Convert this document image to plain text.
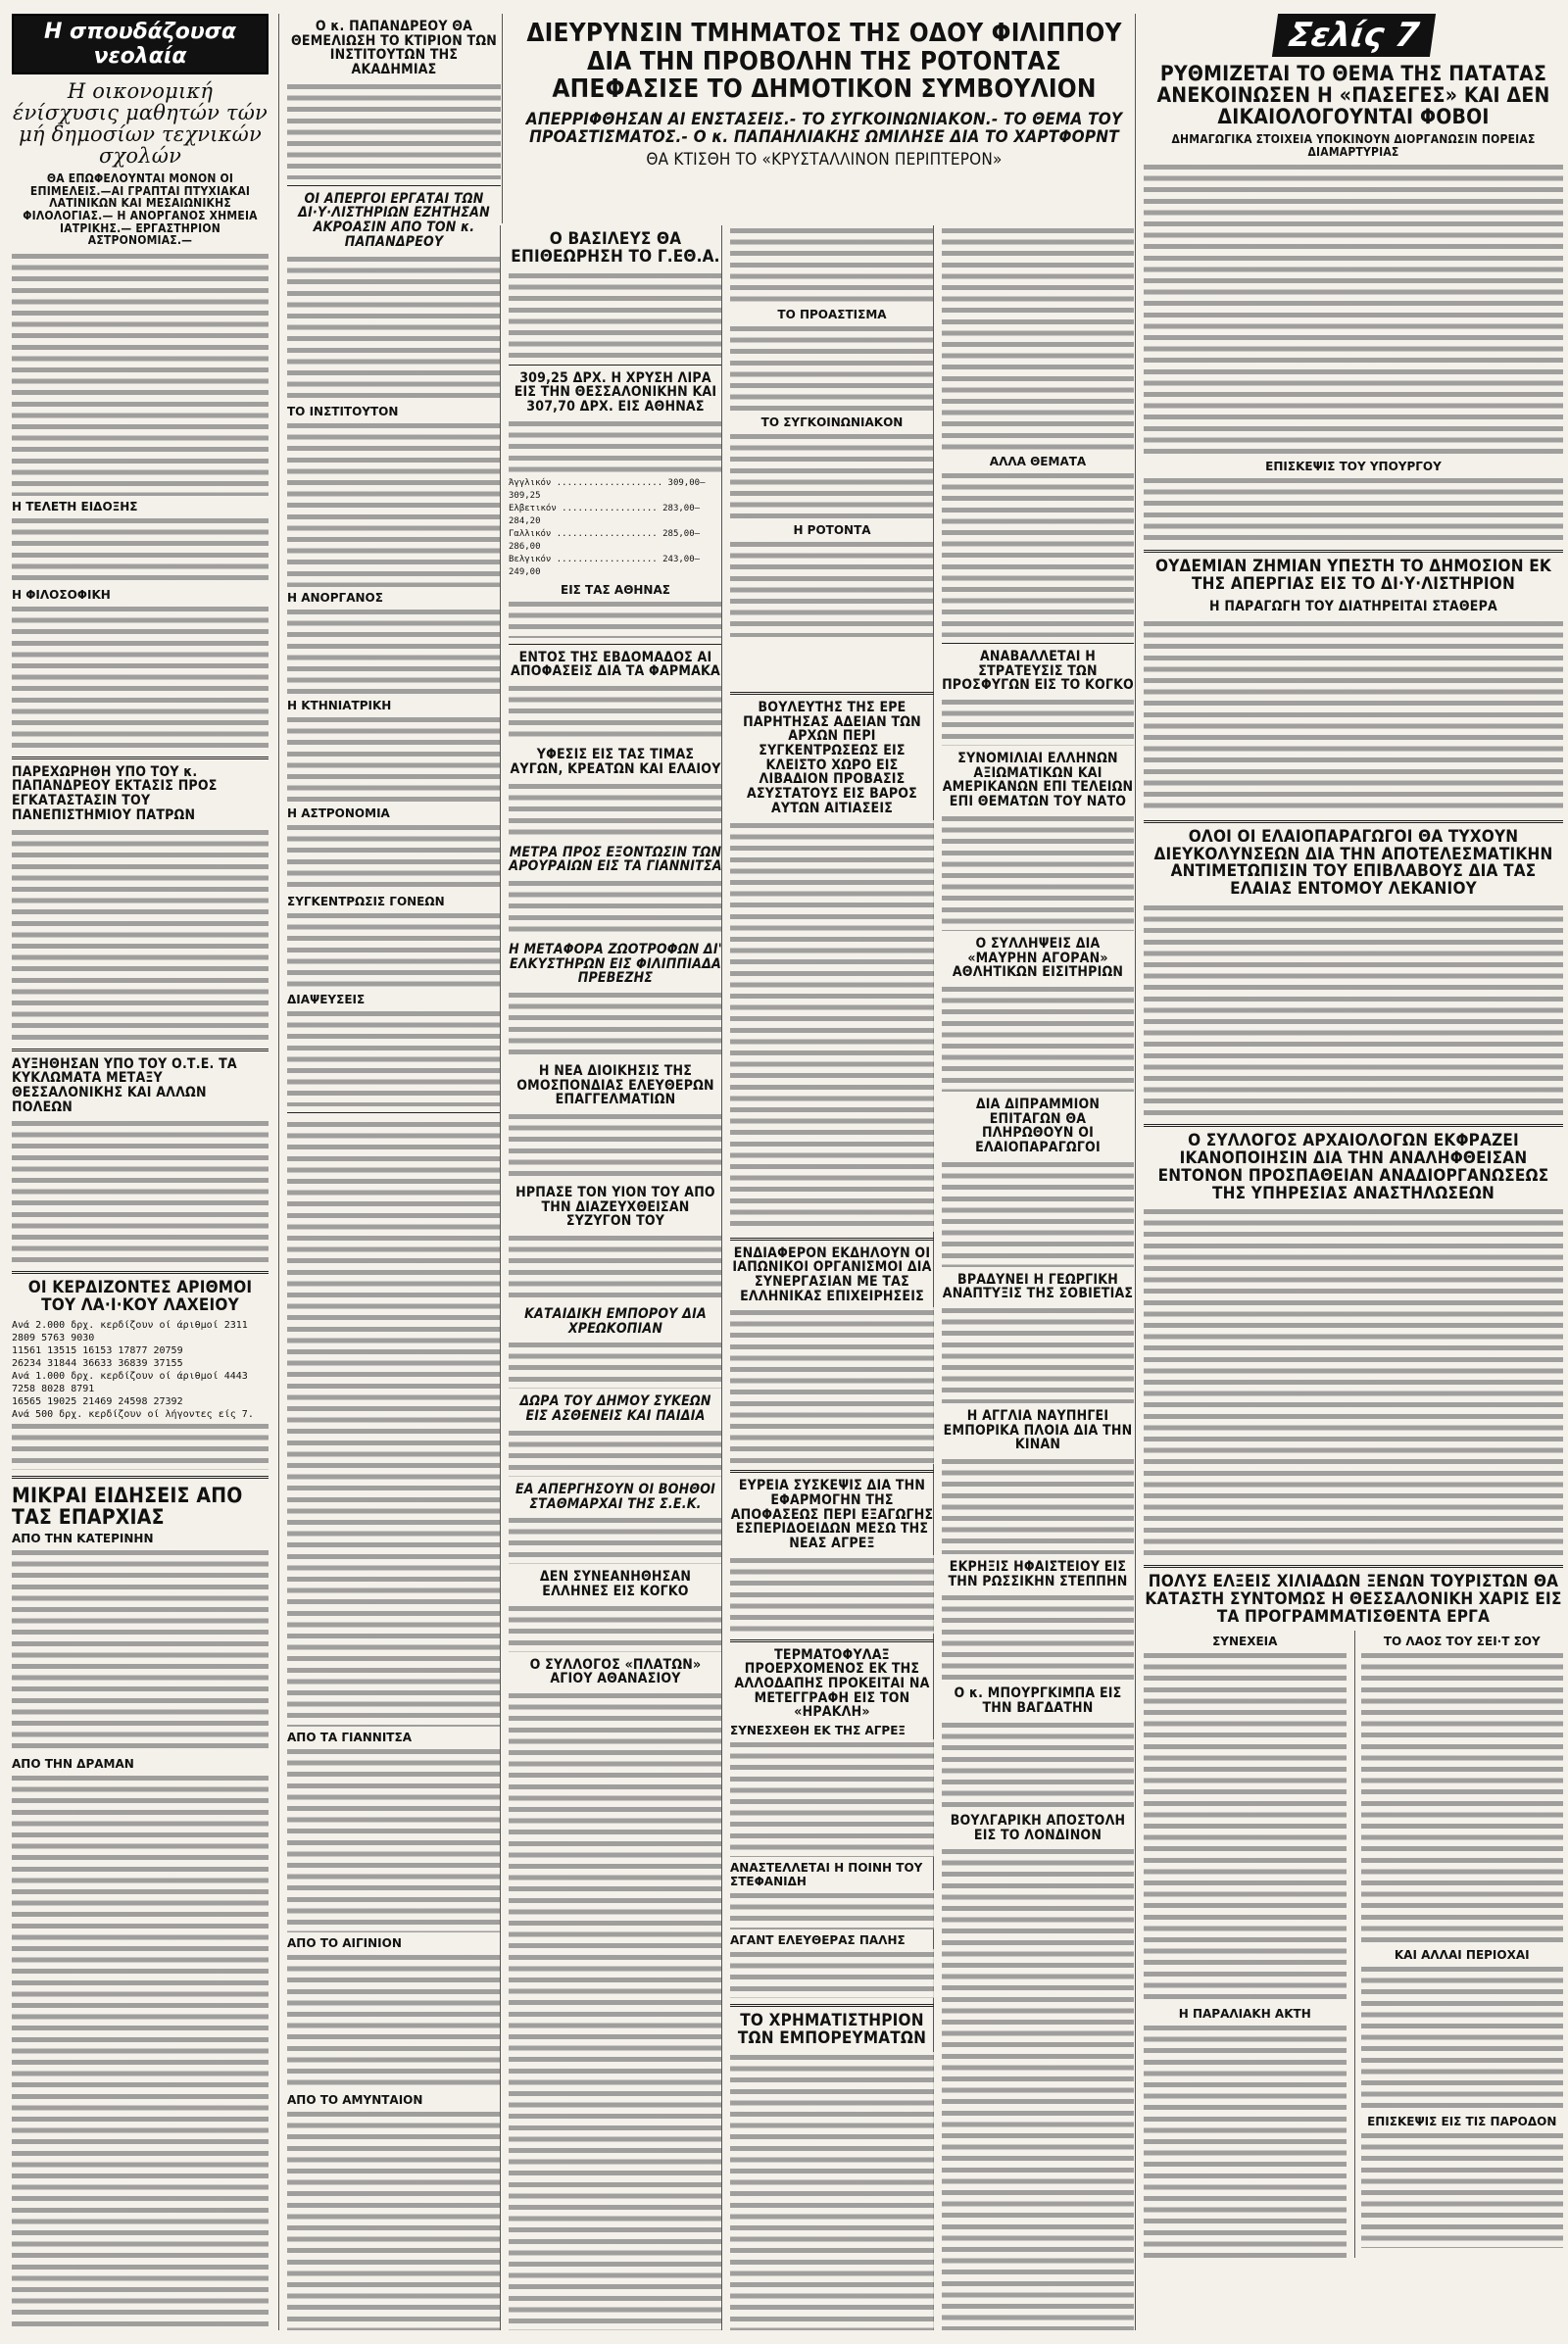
Η σπουδάζουσα νεολαία
Η οικονομική ένίσχυσις μαθητών τών μή δημοσίων τεχνικών σχολών
ΘΑ ΕΠΩΦΕΛΟΥΝΤΑΙ ΜΟΝΟΝ ΟΙ ΕΠΙΜΕΛΕΙΣ.—ΑΙ ΓΡΑΠΤΑΙ ΠΤΥΧΙΑΚΑΙ ΛΑΤΙΝΙΚΩΝ ΚΑΙ ΜΕΣΑΙΩΝΙΚΗΣ ΦΙΛΟΛΟΓΙΑΣ.— Η ΑΝΟΡΓΑΝΟΣ ΧΗΜΕΙΑ ΙΑΤΡΙΚΗΣ.— ΕΡΓΑΣΤΗΡΙΟΝ ΑΣΤΡΟΝΟΜΙΑΣ.—
Η ΤΕΛΕΤΗ ΕΙΔΟΞΗΣ
Η ΦΙΛΟΣΟΦΙΚΗ
ΠΑΡΕΧΩΡΗΘΗ ΥΠΟ ΤΟΥ κ. ΠΑΠΑΝΔΡΕΟΥ ΕΚΤΑΣΙΣ ΠΡΟΣ ΕΓΚΑΤΑΣΤΑΣΙΝ ΤΟΥ ΠΑΝΕΠΙΣΤΗΜΙΟΥ ΠΑΤΡΩΝ
ΑΥΞΗΘΗΣΑΝ ΥΠΟ ΤΟΥ Ο.Τ.Ε. ΤΑ ΚΥΚΛΩΜΑΤΑ ΜΕΤΑΞΥ ΘΕΣΣΑΛΟΝΙΚΗΣ ΚΑΙ ΑΛΛΩΝ ΠΟΛΕΩΝ
ΟΙ ΚΕΡΔΙΖΟΝΤΕΣ ΑΡΙΘΜΟΙ ΤΟΥ ΛΑ·Ι·ΚΟΥ ΛΑΧΕΙΟΥ
Ανά 2.000 δρχ. κερδίζουν οί άριθμοί 2311 2809 5763 9030
11561 13515 16153 17877 20759
26234 31844 36633 36839 37155
Ανά 1.000 δρχ. κερδίζουν οί άριθμοί 4443 7258 8028 8791
16565 19025 21469 24598 27392
Ανά 500 δρχ. κερδίζουν οί λήγοντες είς 7.
ΜΙΚΡΑΙ ΕΙΔΗΣΕΙΣ ΑΠΟ ΤΑΣ ΕΠΑΡΧΙΑΣ
ΑΠΟ ΤΗΝ ΚΑΤΕΡΙΝΗΝ
ΑΠΟ ΤΗΝ ΔΡΑΜΑΝ
Ο κ. ΠΑΠΑΝΔΡΕΟΥ ΘΑ ΘΕΜΕΛΙΩΣΗ ΤΟ ΚΤΙΡΙΟΝ ΤΩΝ ΙΝΣΤΙΤΟΥΤΩΝ ΤΗΣ ΑΚΑΔΗΜΙΑΣ
ΟΙ ΑΠΕΡΓΟΙ ΕΡΓΑΤΑΙ ΤΩΝ ΔΙ·Υ·ΛΙΣΤΗΡΙΩΝ ΕΖΗΤΗΣΑΝ ΑΚΡΟΑΣΙΝ ΑΠΟ ΤΟΝ κ. ΠΑΠΑΝΔΡΕΟΥ
ΤΟ ΙΝΣΤΙΤΟΥΤΟΝ
Η ΑΝΟΡΓΑΝΟΣ
Η ΚΤΗΝΙΑΤΡΙΚΗ
Η ΑΣΤΡΟΝΟΜΙΑ
ΣΥΓΚΕΝΤΡΩΣΙΣ ΓΟΝΕΩΝ
ΔΙΑΨΕΥΣΕΙΣ
ΑΠΟ ΤΑ ΓΙΑΝΝΙΤΣΑ
ΑΠΟ ΤΟ ΑΙΓΙΝΙΟΝ
ΑΠΟ ΤΟ ΑΜΥΝΤΑΙΟΝ
Ο ΒΑΣΙΛΕΥΣ ΘΑ ΕΠΙΘΕΩΡΗΣΗ ΤΟ Γ.ΕΘ.Α.
309,25 ΔΡΧ. Η ΧΡΥΣΗ ΛΙΡΑ ΕΙΣ ΤΗΝ ΘΕΣΣΑΛΟΝΙΚΗΝ ΚΑΙ 307,70 ΔΡΧ. ΕΙΣ ΑΘΗΝΑΣ
Άγγλικόν .................... 309,00—309,25
Ελβετικόν .................. 283,00—284,20
Γαλλικόν ................... 285,00—286,00
Βελγικόν ................... 243,00—249,00
ΕΙΣ ΤΑΣ ΑΘΗΝΑΣ
ΕΝΤΟΣ ΤΗΣ ΕΒΔΟΜΑΔΟΣ ΑΙ ΑΠΟΦΑΣΕΙΣ ΔΙΑ ΤΑ ΦΑΡΜΑΚΑ
ΥΦΕΣΙΣ ΕΙΣ ΤΑΣ ΤΙΜΑΣ ΑΥΓΩΝ, ΚΡΕΑΤΩΝ ΚΑΙ ΕΛΑΙΟΥ
ΜΕΤΡΑ ΠΡΟΣ ΕΞΟΝΤΩΣΙΝ ΤΩΝ ΑΡΟΥΡΑΙΩΝ ΕΙΣ ΤΑ ΓΙΑΝΝΙΤΣΑ
Η ΜΕΤΑΦΟΡΑ ΖΩΟΤΡΟΦΩΝ ΔΙ' ΕΛΚΥΣΤΗΡΩΝ ΕΙΣ ΦΙΛΙΠΠΙΑΔΑ ΠΡΕΒΕΖΗΣ
Η ΝΕΑ ΔΙΟΙΚΗΣΙΣ ΤΗΣ ΟΜΟΣΠΟΝΔΙΑΣ ΕΛΕΥΘΕΡΩΝ ΕΠΑΓΓΕΛΜΑΤΙΩΝ
ΗΡΠΑΣΕ ΤΟΝ ΥΙΟΝ ΤΟΥ ΑΠΟ ΤΗΝ ΔΙΑΖΕΥΧΘΕΙΣΑΝ ΣΥΖΥΓΟΝ ΤΟΥ
ΚΑΤΑΙΔΙΚΗ ΕΜΠΟΡΟΥ ΔΙΑ ΧΡΕΩΚΟΠΙΑΝ
ΔΩΡΑ ΤΟΥ ΔΗΜΟΥ ΣΥΚΕΩΝ ΕΙΣ ΑΣΘΕΝΕΙΣ ΚΑΙ ΠΑΙΔΙΑ
ΕΑ ΑΠΕΡΓΗΣΟΥΝ ΟΙ ΒΟΗΘΟΙ ΣΤΑΘΜΑΡΧΑΙ ΤΗΣ Σ.Ε.Κ.
ΔΕΝ ΣΥΝΕΑΝΗΘΗΣΑΝ ΕΛΛΗΝΕΣ ΕΙΣ ΚΟΓΚΟ
Ο ΣΥΛΛΟΓΟΣ «ΠΛΑΤΩΝ» ΑΓΙΟΥ ΑΘΑΝΑΣΙΟΥ
ΔΙΕΥΡΥΝΣΙΝ ΤΜΗΜΑΤΟΣ ΤΗΣ ΟΔΟΥ ΦΙΛΙΠΠΟΥ ΔΙΑ ΤΗΝ ΠΡΟΒΟΛΗΝ ΤΗΣ ΡΟΤΟΝΤΑΣ ΑΠΕΦΑΣΙΣΕ ΤΟ ΔΗΜΟΤΙΚΟΝ ΣΥΜΒΟΥΛΙΟΝ
ΑΠΕΡΡΙΦΘΗΣΑΝ ΑΙ ΕΝΣΤΑΣΕΙΣ.- ΤΟ ΣΥΓΚΟΙΝΩΝΙΑΚΟΝ.- ΤΟ ΘΕΜΑ ΤΟΥ ΠΡΟΑΣΤΙΣΜΑΤΟΣ.- Ο κ. ΠΑΠΑΗΛΙΑΚΗΣ ΩΜΙΛΗΣΕ ΔΙΑ ΤΟ ΧΑΡΤΦΟΡΝΤ
ΘΑ ΚΤΙΣΘΗ ΤΟ «ΚΡΥΣΤΑΛΛΙΝΟΝ ΠΕΡΙΠΤΕΡΟΝ»
ΤΟ ΠΡΟΑΣΤΙΣΜΑ
ΤΟ ΣΥΓΚΟΙΝΩΝΙΑΚΟΝ
Η ΡΟΤΟΝΤΑ
ΑΛΛΑ ΘΕΜΑΤΑ
ΑΝΑΒΑΛΛΕΤΑΙ Η ΣΤΡΑΤΕΥΣΙΣ ΤΩΝ ΠΡΟΣΦΥΓΩΝ ΕΙΣ ΤΟ ΚΟΓΚΟ
ΣΥΝΟΜΙΛΙΑΙ ΕΛΛΗΝΩΝ ΑΞΙΩΜΑΤΙΚΩΝ ΚΑΙ ΑΜΕΡΙΚΑΝΩΝ ΕΠΙ ΤΕΛΕΙΩΝ ΕΠΙ ΘΕΜΑΤΩΝ ΤΟΥ ΝΑΤΟ
Ο ΣΥΛΛΗΨΕΙΣ ΔΙΑ «ΜΑΥΡΗΝ ΑΓΟΡΑΝ» ΑΘΛΗΤΙΚΩΝ ΕΙΣΙΤΗΡΙΩΝ
ΔΙΑ ΔΙΠΡΑΜΜΙΟΝ ΕΠΙΤΑΓΩΝ ΘΑ ΠΛΗΡΩΘΟΥΝ ΟΙ ΕΛΑΙΟΠΑΡΑΓΩΓΟΙ
ΒΡΑΔΥΝΕΙ Η ΓΕΩΡΓΙΚΗ ΑΝΑΠΤΥΞΙΣ ΤΗΣ ΣΟΒΙΕΤΙΑΣ
Η ΑΓΓΛΙΑ ΝΑΥΠΗΓΕΙ ΕΜΠΟΡΙΚΑ ΠΛΟΙΑ ΔΙΑ ΤΗΝ ΚΙΝΑΝ
ΕΚΡΗΞΙΣ ΗΦΑΙΣΤΕΙΟΥ ΕΙΣ ΤΗΝ ΡΩΣΣΙΚΗΝ ΣΤΕΠΠΗΝ
Ο κ. ΜΠΟΥΡΓΚΙΜΠΑ ΕΙΣ ΤΗΝ ΒΑΓΔΑΤΗΝ
ΒΟΥΛΓΑΡΙΚΗ ΑΠΟΣΤΟΛΗ ΕΙΣ ΤΟ ΛΟΝΔΙΝΟΝ
ΒΟΥΛΕΥΤΗΣ ΤΗΣ ΕΡΕ ΠΑΡΗΤΗΣΑΣ ΑΔΕΙΑΝ ΤΩΝ ΑΡΧΩΝ ΠΕΡΙ ΣΥΓΚΕΝΤΡΩΣΕΩΣ ΕΙΣ ΚΛΕΙΣΤΟ ΧΩΡΟ ΕΙΣ ΛΙΒΑΔΙΟΝ ΠΡΟΒΑΣΙΣ ΑΣΥΣΤΑΤΟΥΣ ΕΙΣ ΒΑΡΟΣ ΑΥΤΩΝ ΑΙΤΙΑΣΕΙΣ
ΕΝΔΙΑΦΕΡΟΝ ΕΚΔΗΛΟΥΝ ΟΙ ΙΑΠΩΝΙΚΟΙ ΟΡΓΑΝΙΣΜΟΙ ΔΙΑ ΣΥΝΕΡΓΑΣΙΑΝ ΜΕ ΤΑΣ ΕΛΛΗΝΙΚΑΣ ΕΠΙΧΕΙΡΗΣΕΙΣ
ΕΥΡΕΙΑ ΣΥΣΚΕΨΙΣ ΔΙΑ ΤΗΝ ΕΦΑΡΜΟΓΗΝ ΤΗΣ ΑΠΟΦΑΣΕΩΣ ΠΕΡΙ ΕΞΑΓΩΓΗΣ ΕΣΠΕΡΙΔΟΕΙΔΩΝ ΜΕΣΩ ΤΗΣ ΝΕΑΣ ΑΓΡΕΞ
ΤΕΡΜΑΤΟΦΥΛΑΞ ΠΡΟΕΡΧΟΜΕΝΟΣ ΕΚ ΤΗΣ ΑΛΛΟΔΑΠΗΣ ΠΡΟΚΕΙΤΑΙ ΝΑ ΜΕΤΕΓΓΡΑΦΗ ΕΙΣ ΤΟΝ «ΗΡΑΚΛΗ»
ΣΥΝΕΣΧΕΘΗ ΕΚ ΤΗΣ ΑΓΡΕΞ
ΑΝΑΣΤΕΛΛΕΤΑΙ Η ΠΟΙΝΗ ΤΟΥ ΣΤΕΦΑΝΙΔΗ
ΑΓΑΝΤ ΕΛΕΥΘΕΡΑΣ ΠΑΛΗΣ
ΤΟ ΧΡΗΜΑΤΙΣΤΗΡΙΟΝ ΤΩΝ ΕΜΠΟΡΕΥΜΑΤΩΝ
Σελίς 7
ΡΥΘΜΙΖΕΤΑΙ ΤΟ ΘΕΜΑ ΤΗΣ ΠΑΤΑΤΑΣ ΑΝΕΚΟΙΝΩΣΕΝ Η «ΠΑΣΕΓΕΣ» ΚΑΙ ΔΕΝ ΔΙΚΑΙΟΛΟΓΟΥΝΤΑΙ ΦΟΒΟΙ
ΔΗΜΑΓΩΓΙΚΑ ΣΤΟΙΧΕΙΑ ΥΠΟΚΙΝΟΥΝ ΔΙΟΡΓΑΝΩΣΙΝ ΠΟΡΕΙΑΣ ΔΙΑΜΑΡΤΥΡΙΑΣ
ΕΠΙΣΚΕΨΙΣ ΤΟΥ ΥΠΟΥΡΓΟΥ
ΟΥΔΕΜΙΑΝ ΖΗΜΙΑΝ ΥΠΕΣΤΗ ΤΟ ΔΗΜΟΣΙΟΝ ΕΚ ΤΗΣ ΑΠΕΡΓΙΑΣ ΕΙΣ ΤΟ ΔΙ·Υ·ΛΙΣΤΗΡΙΟΝ
Η ΠΑΡΑΓΩΓΗ ΤΟΥ ΔΙΑΤΗΡΕΙΤΑΙ ΣΤΑΘΕΡΑ
ΟΛΟΙ ΟΙ ΕΛΑΙΟΠΑΡΑΓΩΓΟΙ ΘΑ ΤΥΧΟΥΝ ΔΙΕΥΚΟΛΥΝΣΕΩΝ ΔΙΑ ΤΗΝ ΑΠΟΤΕΛΕΣΜΑΤΙΚΗΝ ΑΝΤΙΜΕΤΩΠΙΣΙΝ ΤΟΥ ΕΠΙΒΛΑΒΟΥΣ ΔΙΑ ΤΑΣ ΕΛΑΙΑΣ ΕΝΤΟΜΟΥ ΛΕΚΑΝΙΟΥ
Ο ΣΥΛΛΟΓΟΣ ΑΡΧΑΙΟΛΟΓΩΝ ΕΚΦΡΑΖΕΙ ΙΚΑΝΟΠΟΙΗΣΙΝ ΔΙΑ ΤΗΝ ΑΝΑΛΗΦΘΕΙΣΑΝ ΕΝΤΟΝΟΝ ΠΡΟΣΠΑΘΕΙΑΝ ΑΝΑΔΙΟΡΓΑΝΩΣΕΩΣ ΤΗΣ ΥΠΗΡΕΣΙΑΣ ΑΝΑΣΤΗΛΩΣΕΩΝ
ΠΟΛΥΣ ΕΛΞΕΙΣ ΧΙΛΙΑΔΩΝ ΞΕΝΩΝ ΤΟΥΡΙΣΤΩΝ ΘΑ ΚΑΤΑΣΤΗ ΣΥΝΤΟΜΩΣ Η ΘΕΣΣΑΛΟΝΙΚΗ ΧΑΡΙΣ ΕΙΣ ΤΑ ΠΡΟΓΡΑΜΜΑΤΙΣΘΕΝΤΑ ΕΡΓΑ
ΣΥΝΕΧΕΙΑ
Η ΠΑΡΑΛΙΑΚΗ ΑΚΤΗ
ΤΟ ΛΑΟΣ ΤΟΥ ΣΕΙ·Τ ΣΟΥ
ΚΑΙ ΑΛΛΑΙ ΠΕΡΙΟΧΑΙ
ΕΠΙΣΚΕΨΙΣ ΕΙΣ ΤΙΣ ΠΑΡΟΔΟΝ
